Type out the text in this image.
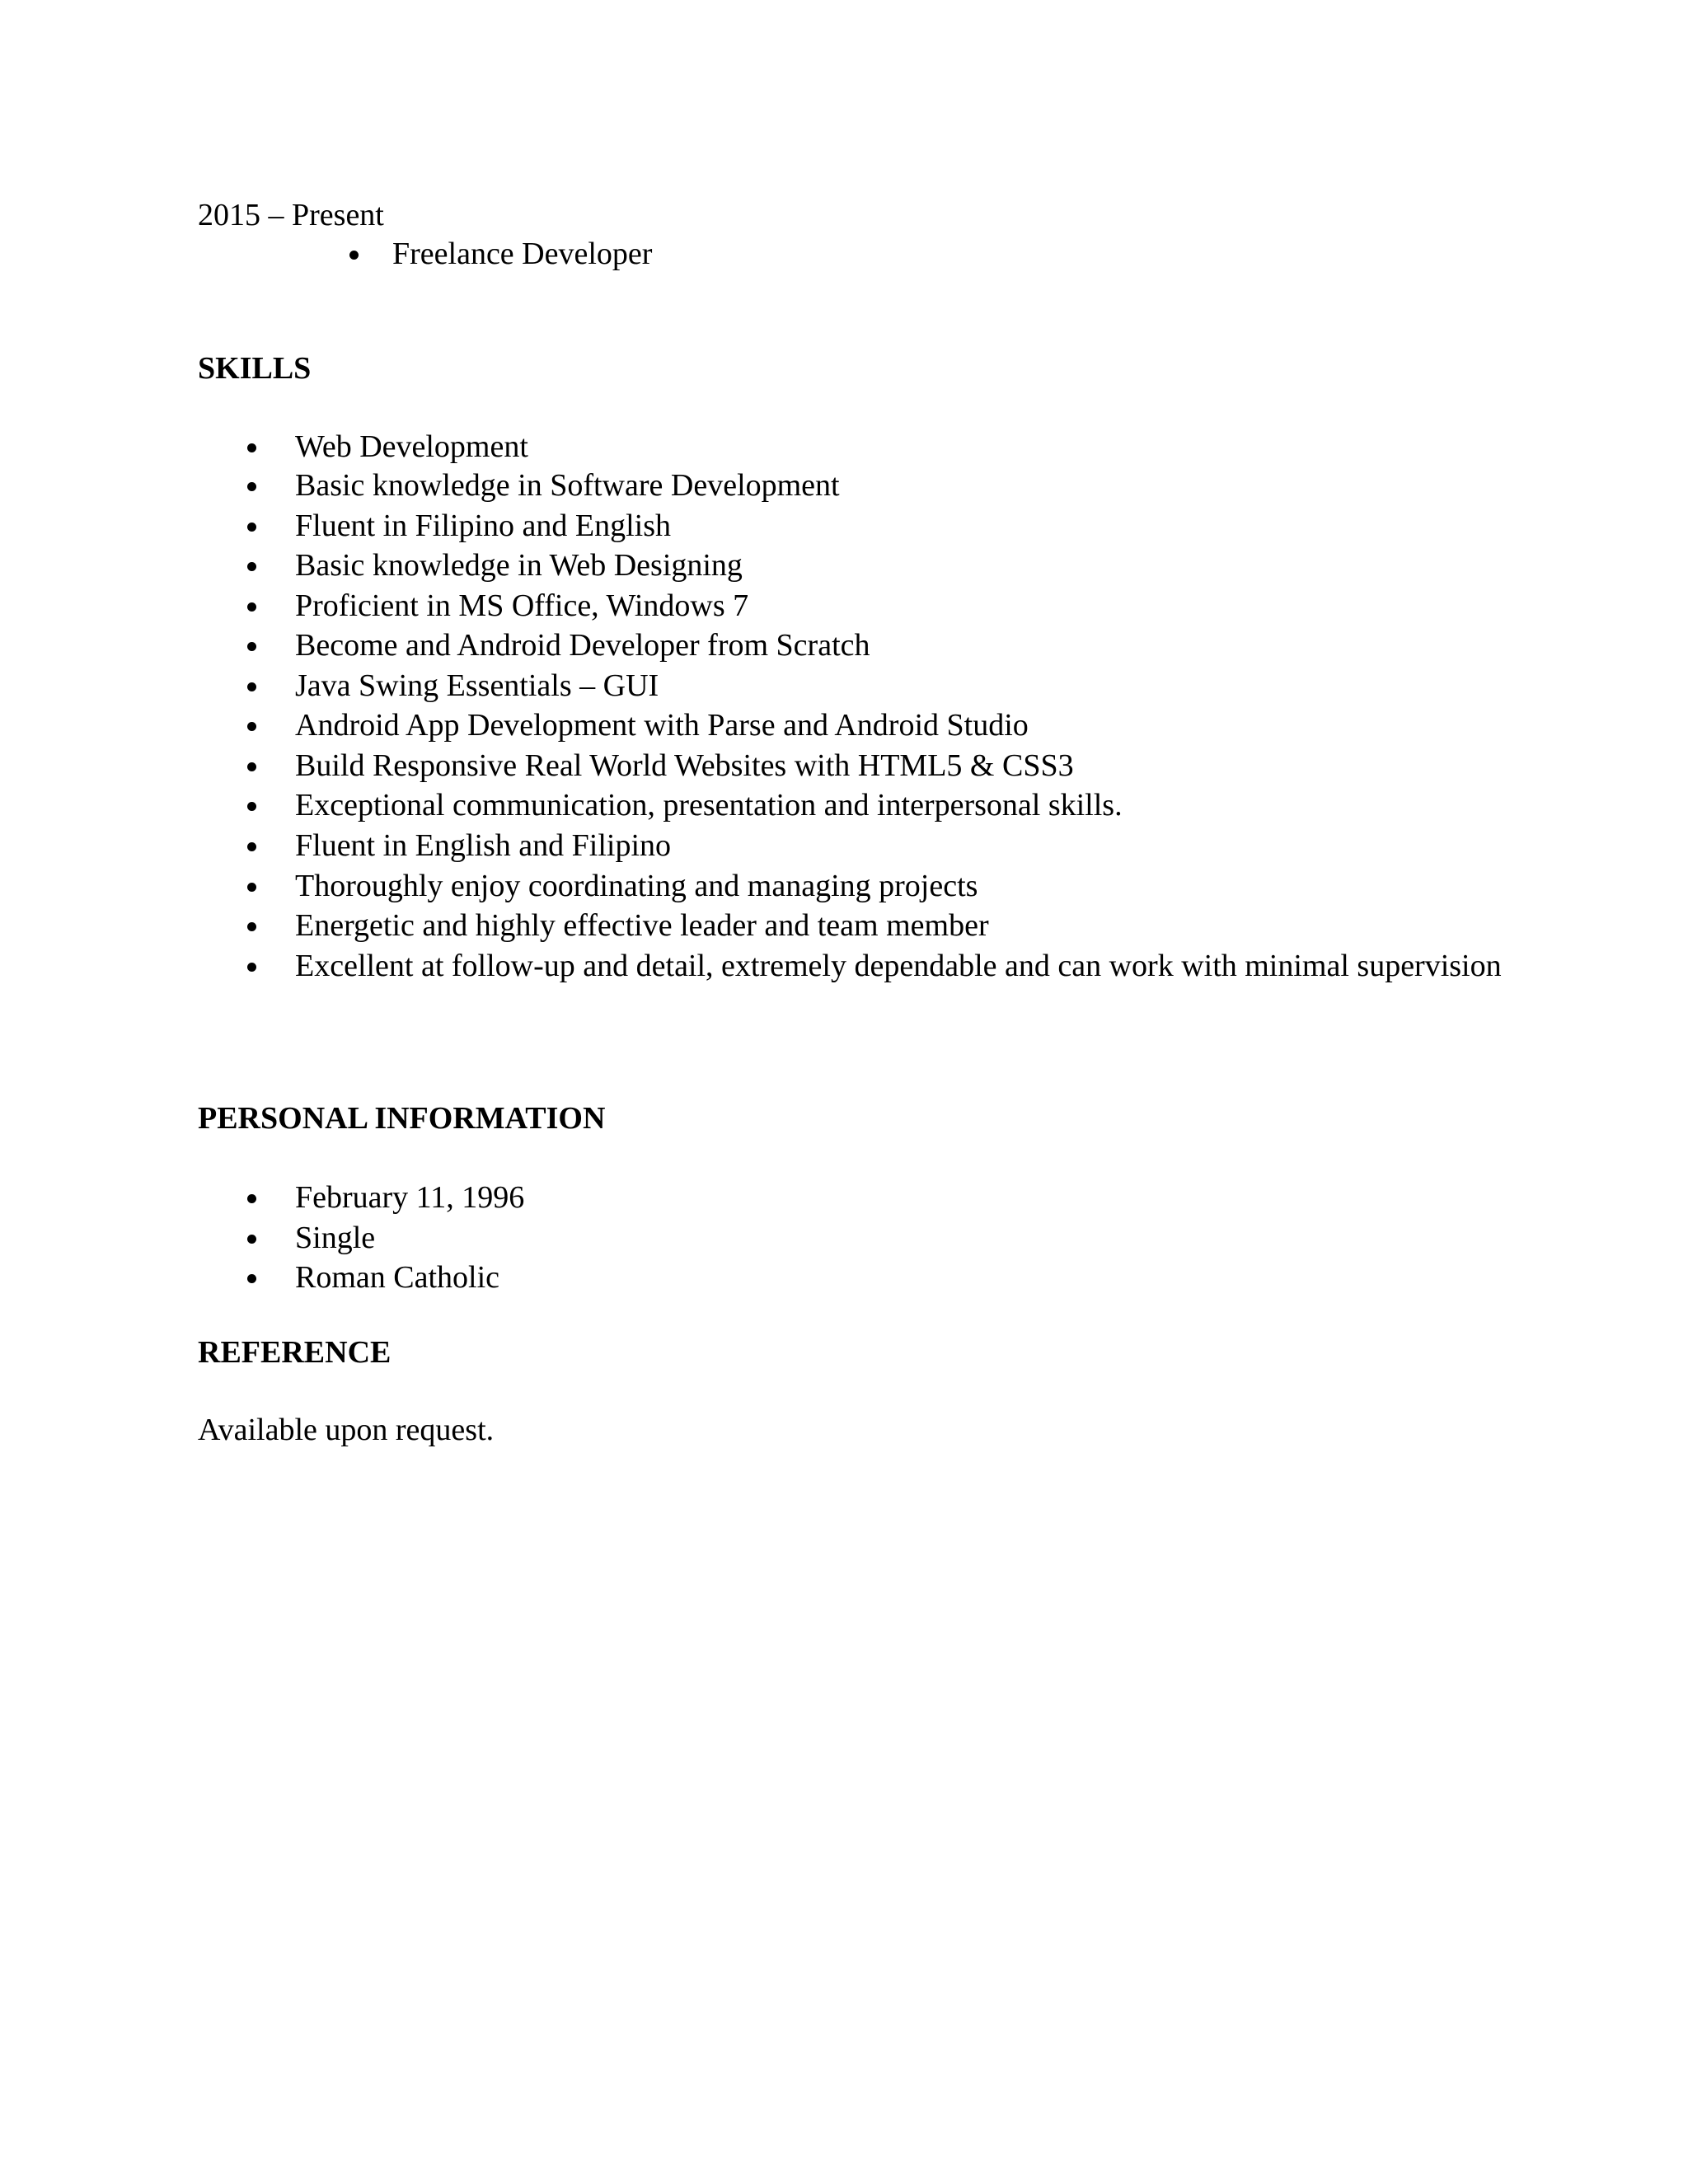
2015 – Present
Freelance Developer
SKILLS
Web Development
Basic knowledge in Software Development
Fluent in Filipino and English
Basic knowledge in Web Designing
Proficient in MS Office, Windows 7
Become and Android Developer from Scratch
Java Swing Essentials – GUI
Android App Development with Parse and Android Studio
Build Responsive Real World Websites with HTML5 & CSS3
Exceptional communication, presentation and interpersonal skills.
Fluent in English and Filipino
Thoroughly enjoy coordinating and managing projects
Energetic and highly effective leader and team member
Excellent at follow-up and detail, extremely dependable and can work with minimal supervision
PERSONAL INFORMATION
February 11, 1996
Single
Roman Catholic
REFERENCE
Available upon request.
